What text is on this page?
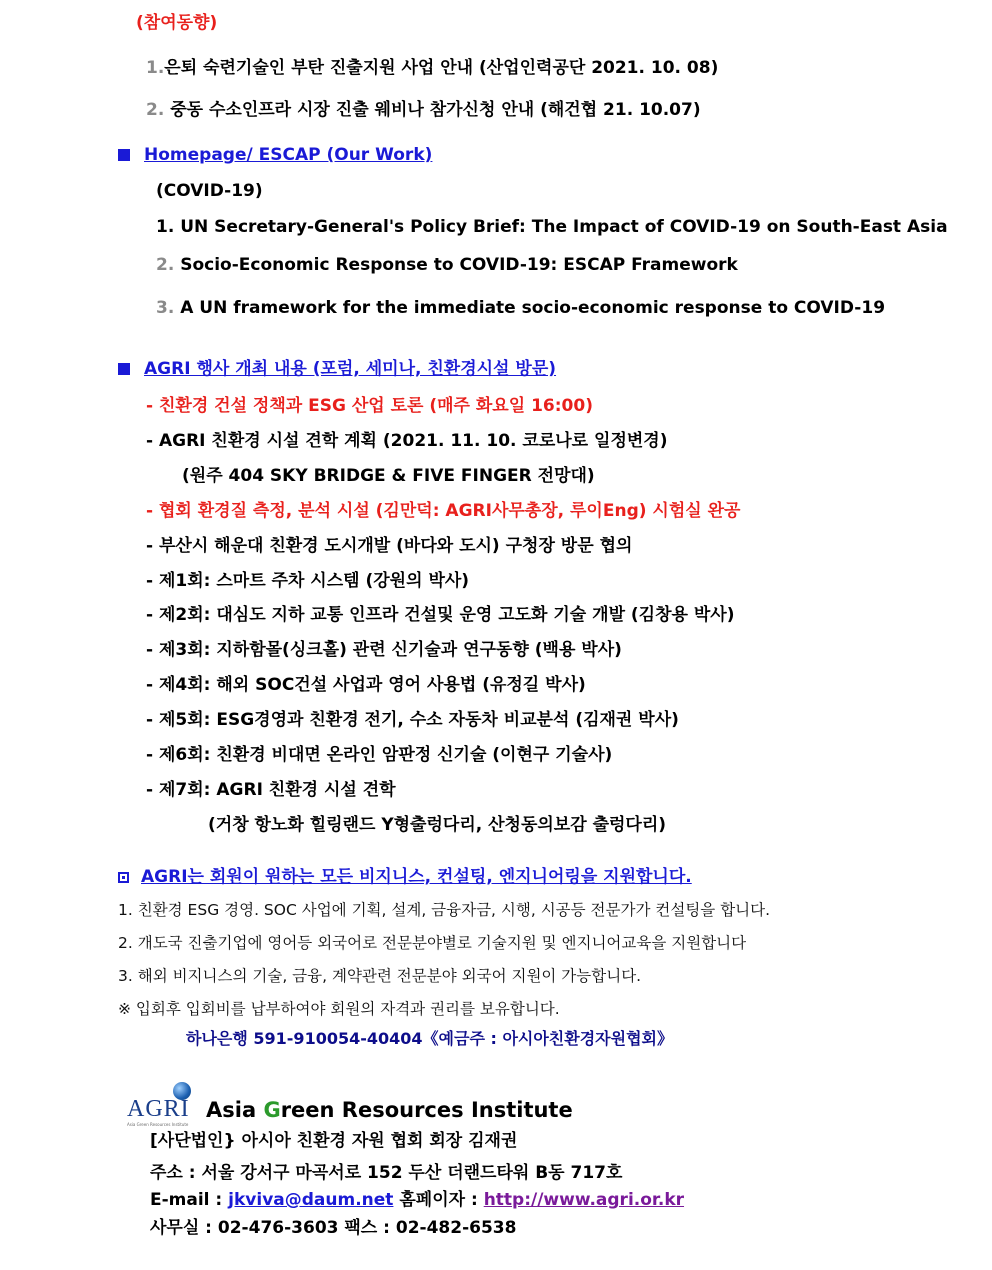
(참여동향)
1.은퇴 숙련기술인 부탄 진출지원 사업 안내 (산업인력공단 2021. 10. 08)
2. 중동 수소인프라 시장 진출 웨비나 참가신청 안내 (해건협 21. 10.07)
Homepage/ ESCAP (Our Work)
(COVID-19)
1. UN Secretary-General's Policy Brief: The Impact of COVID-19 on South-East Asia
2. Socio-Economic Response to COVID-19: ESCAP Framework
3. A UN framework for the immediate socio-economic response to COVID-19
AGRI 행사 개최 내용 (포럼, 세미나, 친환경시설 방문)
- 친환경 건설 정책과 ESG 산업 토론 (매주 화요일 16:00)
- AGRI 친환경 시설 견학 계획 (2021. 11. 10. 코로나로 일정변경)
(원주 404 SKY BRIDGE & FIVE FINGER 전망대)
- 협회 환경질 측정, 분석 시설 (김만덕: AGRI사무총장, 루이Eng) 시험실 완공
- 부산시 해운대 친환경 도시개발 (바다와 도시) 구청장 방문 협의
- 제1회: 스마트 주차 시스템 (강원의 박사)
- 제2회: 대심도 지하 교통 인프라 건설및 운영 고도화 기술 개발 (김창용 박사)
- 제3회: 지하함몰(싱크홀) 관련 신기술과 연구동향 (백용 박사)
- 제4회: 해외 SOC건설 사업과 영어 사용법 (유정길 박사)
- 제5회: ESG경영과 친환경 전기, 수소 자동차 비교분석 (김재권 박사)
- 제6회: 친환경 비대면 온라인 암판정 신기술 (이현구 기술사)
- 제7회: AGRI 친환경 시설 견학
(거창 항노화 힐링랜드 Y형출렁다리, 산청동의보감 출렁다리)
AGRI는 회원이 원하는 모든 비지니스, 컨설팅, 엔지니어링을 지원합니다.
1. 친환경 ESG 경영. SOC 사업에 기획, 설계, 금융자금, 시행, 시공등 전문가가 컨설팅을 합니다.
2. 개도국 진출기업에 영어등 외국어로 전문분야별로 기술지원 및 엔지니어교육을 지원합니다
3. 해외 비지니스의 기술, 금융, 계약관련 전문분야 외국어 지원이 가능합니다.
※ 입회후 입회비를 납부하여야 회원의 자격과 권리를 보유합니다.
하나은행 591-910054-40404《예금주 : 아시아친환경자원협회》
AGRI
Asia Green Resources Institute
Asia Green Resources Institute
[사단법인} 아시아 친환경 자원 협회 회장 김재권
주소 : 서울 강서구 마곡서로 152 두산 더랜드타워 B동 717호
E-mail : jkviva@daum.net 홈페이자 : http://www.agri.or.kr
사무실 : 02-476-3603 팩스 : 02-482-6538
